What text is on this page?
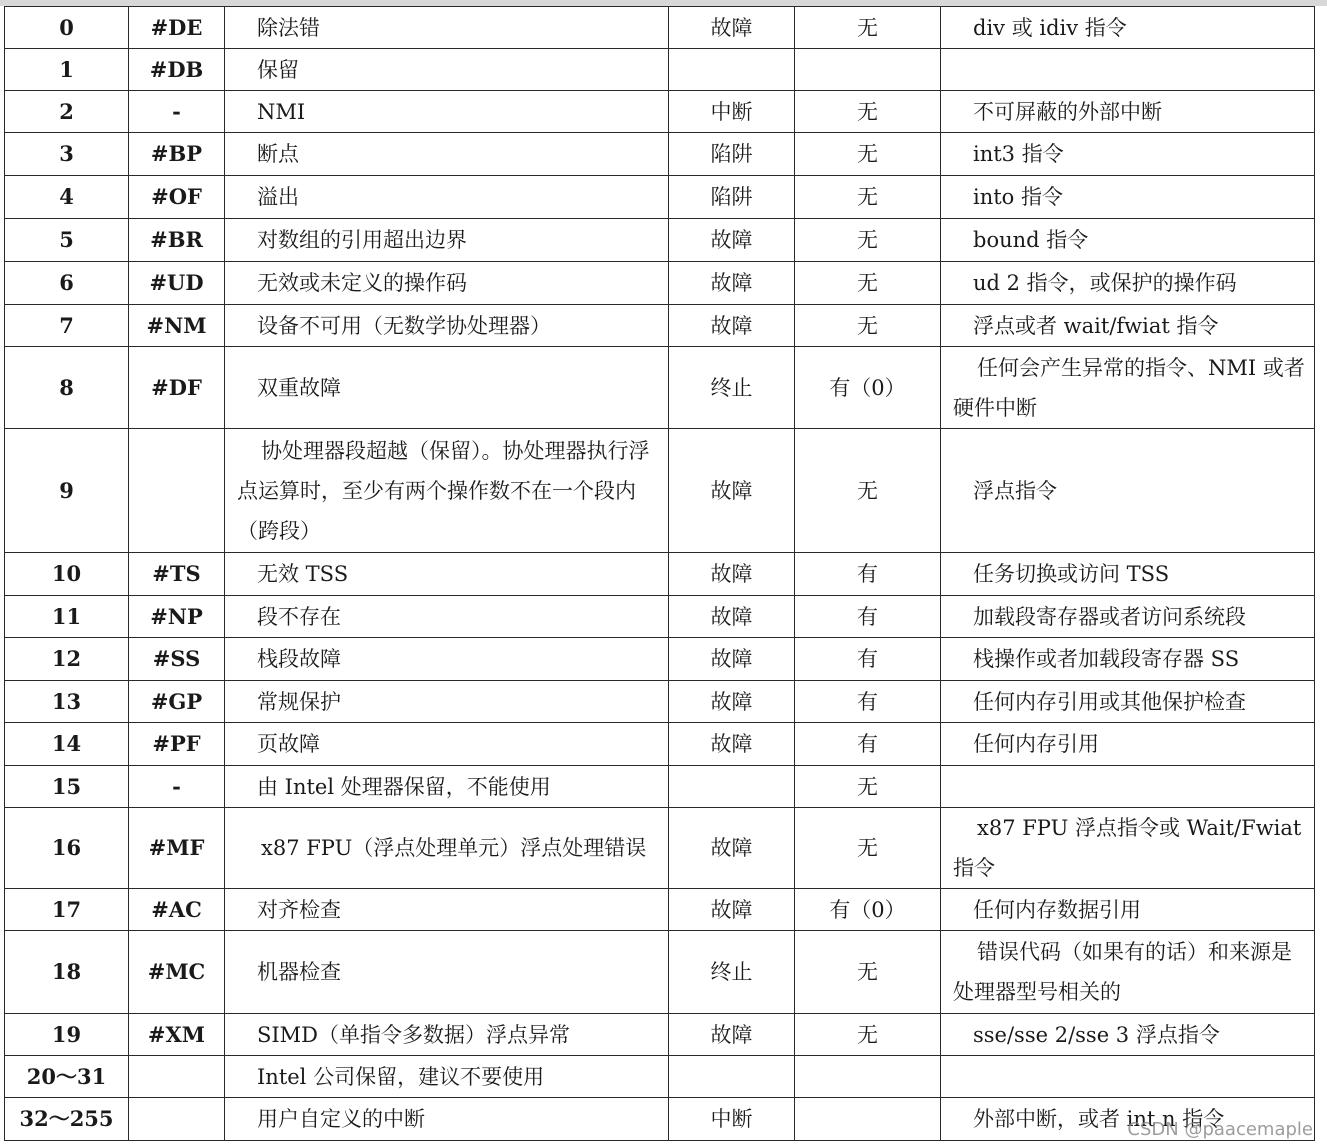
0	#DE	除法错	故障	无	div 或 idiv 指令
1	#DB	保留			
2	-	NMI	中断	无	不可屏蔽的外部中断
3	#BP	断点	陷阱	无	int3 指令
4	#OF	溢出	陷阱	无	into 指令
5	#BR	对数组的引用超出边界	故障	无	bound 指令
6	#UD	无效或未定义的操作码	故障	无	ud 2 指令，或保护的操作码
7	#NM	设备不可用（无数学协处理器）	故障	无	浮点或者 wait/fwiat 指令
8	#DF	双重故障	终止	有（0）	任何会产生异常的指令、NMI 或者硬件中断
9		协处理器段超越（保留）。协处理器执行浮点运算时，至少有两个操作数不在一个段内（跨段）	故障	无	浮点指令
10	#TS	无效 TSS	故障	有	任务切换或访问 TSS
11	#NP	段不存在	故障	有	加载段寄存器或者访问系统段
12	#SS	栈段故障	故障	有	栈操作或者加载段寄存器 SS
13	#GP	常规保护	故障	有	任何内存引用或其他保护检查
14	#PF	页故障	故障	有	任何内存引用
15	-	由 Intel 处理器保留，不能使用		无	
16	#MF	x87 FPU（浮点处理单元）浮点处理错误	故障	无	x87 FPU 浮点指令或 Wait/Fwiat 指令
17	#AC	对齐检查	故障	有（0）	任何内存数据引用
18	#MC	机器检查	终止	无	错误代码（如果有的话）和来源是处理器型号相关的
19	#XM	SIMD（单指令多数据）浮点异常	故障	无	sse/sse 2/sse 3 浮点指令
20～31		Intel 公司保留，建议不要使用			
32～255		用户自定义的中断	中断		外部中断，或者 int n 指令
CSDN @paacemaple
